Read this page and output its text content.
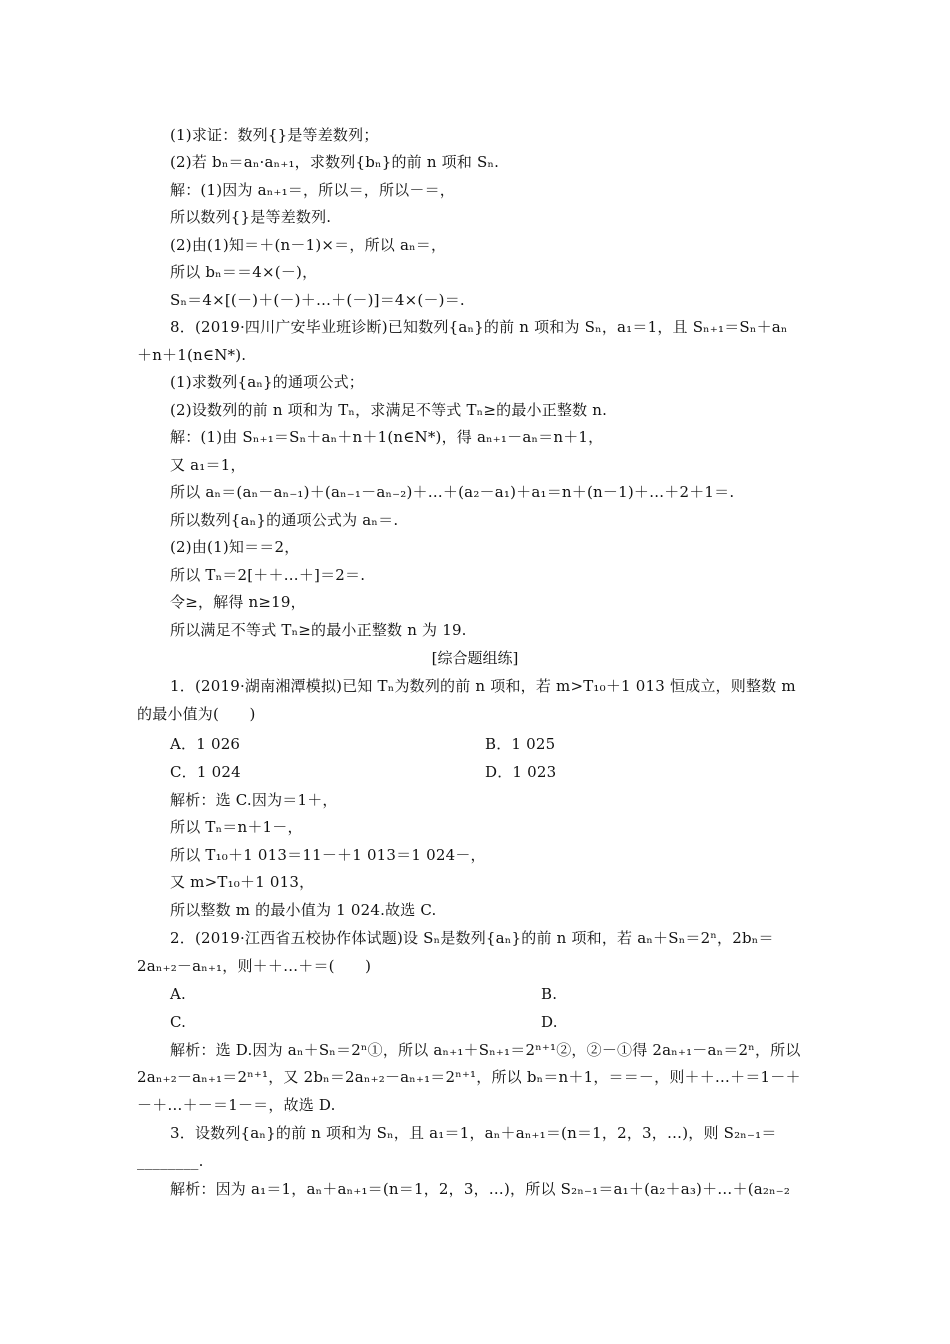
(1)求证：数列{}是等差数列；
(2)若 bₙ＝aₙ·aₙ₊₁，求数列{bₙ}的前 n 项和 Sₙ.
解：(1)因为 aₙ₊₁＝，所以＝，所以－＝，
所以数列{}是等差数列.
(2)由(1)知＝＋(n－1)×＝，所以 aₙ＝，
所以 bₙ＝＝4×(－)，
Sₙ＝4×[(－)＋(－)＋…＋(－)]＝4×(－)＝.
8．(2019·四川广安毕业班诊断)已知数列{aₙ}的前 n 项和为 Sₙ，a₁＝1，且 Sₙ₊₁＝Sₙ＋aₙ
＋n＋1(n∈N*).
(1)求数列{aₙ}的通项公式；
(2)设数列的前 n 项和为 Tₙ，求满足不等式 Tₙ≥的最小正整数 n.
解：(1)由 Sₙ₊₁＝Sₙ＋aₙ＋n＋1(n∈N*)，得 aₙ₊₁－aₙ＝n＋1，
又 a₁＝1，
所以 aₙ＝(aₙ－aₙ₋₁)＋(aₙ₋₁－aₙ₋₂)＋…＋(a₂－a₁)＋a₁＝n＋(n－1)＋…＋2＋1＝.
所以数列{aₙ}的通项公式为 aₙ＝.
(2)由(1)知＝＝2，
所以 Tₙ＝2[＋＋…＋]＝2＝.
令≥，解得 n≥19，
所以满足不等式 Tₙ≥的最小正整数 n 为 19.
[综合题组练]
1．(2019·湖南湘潭模拟)已知 Tₙ为数列的前 n 项和，若 m>T₁₀＋1 013 恒成立，则整数 m
的最小值为(　　)
A．1 026	B．1 025
C．1 024	D．1 023
解析：选 C.因为＝1＋，
所以 Tₙ＝n＋1－，
所以 T₁₀＋1 013＝11－＋1 013＝1 024－，
又 m>T₁₀＋1 013，
所以整数 m 的最小值为 1 024.故选 C.
2．(2019·江西省五校协作体试题)设 Sₙ是数列{aₙ}的前 n 项和，若 aₙ＋Sₙ＝2ⁿ，2bₙ＝
2aₙ₊₂－aₙ₊₁，则＋＋…＋＝(　　)
A.	B.
C.	D.
解析：选 D.因为 aₙ＋Sₙ＝2ⁿ①，所以 aₙ₊₁＋Sₙ₊₁＝2ⁿ⁺¹②，②－①得 2aₙ₊₁－aₙ＝2ⁿ，所以
2aₙ₊₂－aₙ₊₁＝2ⁿ⁺¹，又 2bₙ＝2aₙ₊₂－aₙ₊₁＝2ⁿ⁺¹，所以 bₙ＝n＋1，＝＝－，则＋＋…＋＝1－＋
－＋…＋－＝1－＝，故选 D.
3．设数列{aₙ}的前 n 项和为 Sₙ，且 a₁＝1，aₙ＋aₙ₊₁＝(n＝1，2，3，…)，则 S₂ₙ₋₁＝
________.
解析：因为 a₁＝1，aₙ＋aₙ₊₁＝(n＝1，2，3，…)，所以 S₂ₙ₋₁＝a₁＋(a₂＋a₃)＋…＋(a₂ₙ₋₂
